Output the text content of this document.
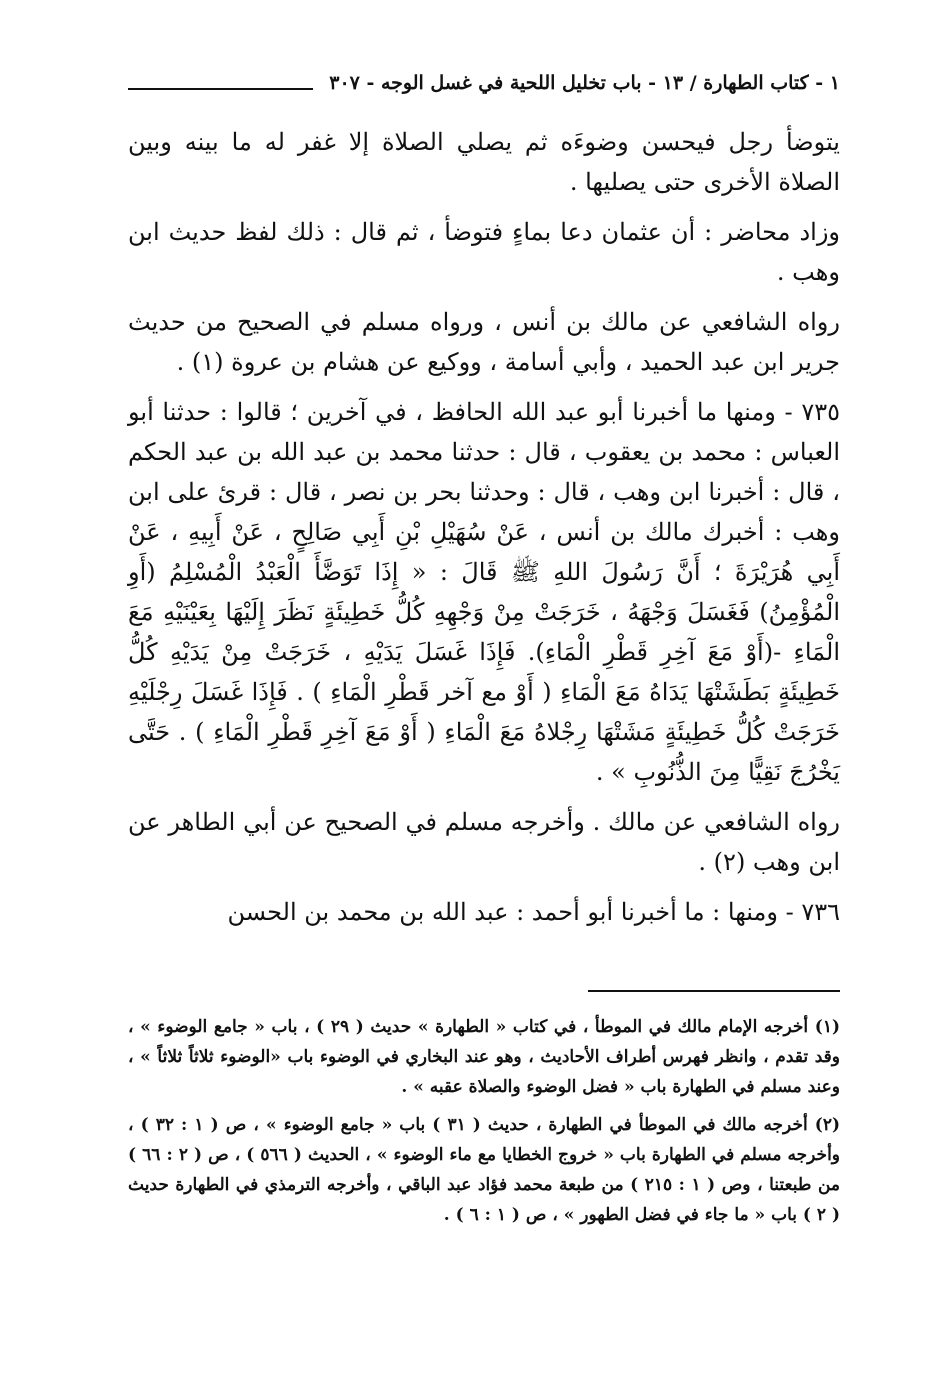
١ - كتاب الطهارة / ١٣ - باب تخليل اللحية في غسل الوجه - ٣٠٧

يتوضأ رجل فيحسن وضوءَه ثم يصلي الصلاة إلا غفر له ما بينه وبين الصلاة الأخرى حتى يصليها .

وزاد محاضر : أن عثمان دعا بماءٍ فتوضأ ، ثم قال : ذلك لفظ حديث ابن وهب .

رواه الشافعي عن مالك بن أنس ، ورواه مسلم في الصحيح من حديث جرير ابن عبد الحميد ، وأبي أسامة ، ووكيع عن هشام بن عروة (١) .

٧٣٥ - ومنها ما أخبرنا أبو عبد الله الحافظ ، في آخرين ؛ قالوا : حدثنا أبو العباس : محمد بن يعقوب ، قال : حدثنا محمد بن عبد الله بن عبد الحكم ، قال : أخبرنا ابن وهب ، قال : وحدثنا بحر بن نصر ، قال : قرئ على ابن وهب : أخبرك مالك بن أنس ، عَنْ سُهَيْلِ بْنِ أَبِي صَالِحٍ ، عَنْ أَبِيهِ ، عَنْ أَبِي هُرَيْرَةَ ؛ أَنَّ رَسُولَ اللهِ ﷺ قَالَ : « إِذَا تَوَضَّأَ الْعَبْدُ الْمُسْلِمُ (أَوِ الْمُؤْمِنُ) فَغَسَلَ وَجْهَهُ ، خَرَجَتْ مِنْ وَجْهِهِ كُلُّ خَطِيئَةٍ نَظَرَ إِلَيْهَا بِعَيْنَيْهِ مَعَ الْمَاءِ -(أَوْ مَعَ آخِرِ قَطْرِ الْمَاءِ). فَإِذَا غَسَلَ يَدَيْهِ ، خَرَجَتْ مِنْ يَدَيْهِ كُلُّ خَطِيئَةٍ بَطَشَتْهَا يَدَاهُ مَعَ الْمَاءِ ( أَوْ مع آخر قَطْرِ الْمَاءِ ) . فَإِذَا غَسَلَ رِجْلَيْهِ خَرَجَتْ كُلُّ خَطِيئَةٍ مَشَتْهَا رِجْلاهُ مَعَ الْمَاءِ ( أَوْ مَعَ آخِرِ قَطْرِ الْمَاءِ ) . حَتَّى يَخْرُجَ نَقِيًّا مِنَ الذُّنُوبِ » .

رواه الشافعي عن مالك . وأخرجه مسلم في الصحيح عن أبي الطاهر عن ابن وهب (٢) .

٧٣٦ - ومنها : ما أخبرنا أبو أحمد : عبد الله بن محمد بن الحسن

(١) أخرجه الإمام مالك في الموطأ ، في كتاب « الطهارة » حديث ( ٢٩ ) ، باب « جامع الوضوء » ، وقد تقدم ، وانظر فهرس أطراف الأحاديث ، وهو عند البخاري في الوضوء باب «الوضوء ثلاثاً ثلاثاً » ، وعند مسلم في الطهارة باب « فضل الوضوء والصلاة عقبه » .

(٢) أخرجه مالك في الموطأ في الطهارة ، حديث ( ٣١ ) باب « جامع الوضوء » ، ص ( ١ : ٣٢ ) ، وأخرجه مسلم في الطهارة باب « خروج الخطايا مع ماء الوضوء » ، الحديث ( ٥٦٦ ) ، ص ( ٢ : ٦٦ ) من طبعتنا ، وص ( ١ : ٢١٥ ) من طبعة محمد فؤاد عبد الباقي ، وأخرجه الترمذي في الطهارة حديث ( ٢ ) باب « ما جاء في فضل الطهور » ، ص ( ١ : ٦ ) .
